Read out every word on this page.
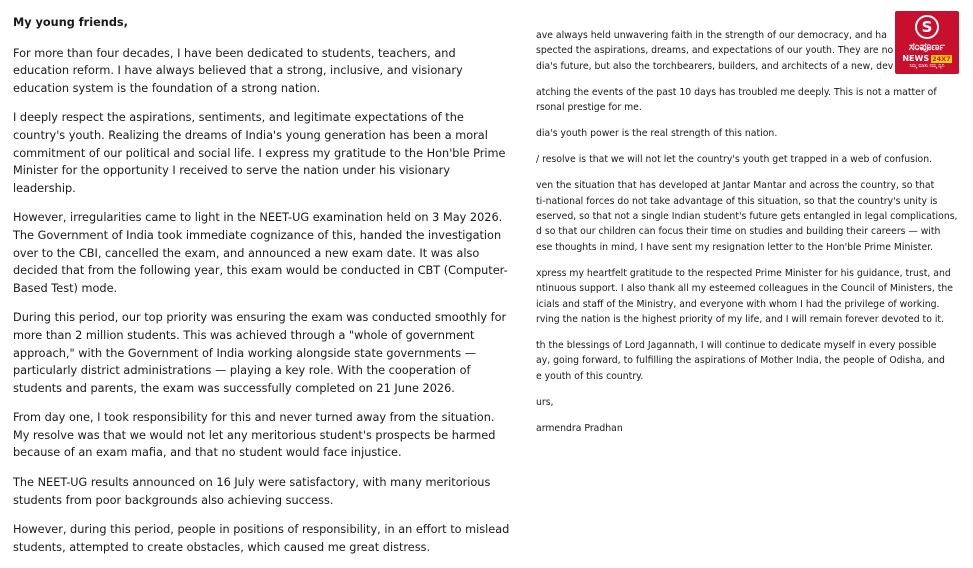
My young friends,

For more than four decades, I have been dedicated to students, teachers, and education reform. I have always believed that a strong, inclusive, and visionary education system is the foundation of a strong nation.

I deeply respect the aspirations, sentiments, and legitimate expectations of the country's youth. Realizing the dreams of India's young generation has been a moral commitment of our political and social life. I express my gratitude to the Hon'ble Prime Minister for the opportunity I received to serve the nation under his visionary leadership.

However, irregularities came to light in the NEET-UG examination held on 3 May 2026. The Government of India took immediate cognizance of this, handed the investigation over to the CBI, cancelled the exam, and announced a new exam date. It was also decided that from the following year, this exam would be conducted in CBT (Computer-Based Test) mode.

During this period, our top priority was ensuring the exam was conducted smoothly for more than 2 million students. This was achieved through a "whole of government approach," with the Government of India working alongside state governments — particularly district administrations — playing a key role. With the cooperation of students and parents, the exam was successfully completed on 21 June 2026.

From day one, I took responsibility for this and never turned away from the situation. My resolve was that we would not let any meritorious student's prospects be harmed because of an exam mafia, and that no student would face injustice.

The NEET-UG results announced on 16 July were satisfactory, with many meritorious students from poor backgrounds also achieving success.

However, during this period, people in positions of responsibility, in an effort to mislead students, attempted to create obstacles, which caused me great distress.

ave always held unwavering faith in the strength of our democracy, and ha
spected the aspirations, dreams, and expectations of our youth. They are no
dia's future, but also the torchbearers, builders, and architects of a new, dev

atching the events of the past 10 days has troubled me deeply. This is not a matter of
rsonal prestige for me.

dia's youth power is the real strength of this nation.

/ resolve is that we will not let the country's youth get trapped in a web of confusion.

ven the situation that has developed at Jantar Mantar and across the country, so that
ti-national forces do not take advantage of this situation, so that the country's unity is
eserved, so that not a single Indian student's future gets entangled in legal complications,
d so that our children can focus their time on studies and building their careers — with
ese thoughts in mind, I have sent my resignation letter to the Hon'ble Prime Minister.

xpress my heartfelt gratitude to the respected Prime Minister for his guidance, trust, and
ntinuous support. I also thank all my esteemed colleagues in the Council of Ministers, the
icials and staff of the Ministry, and everyone with whom I had the privilege of working.
rving the nation is the highest priority of my life, and I will remain forever devoted to it.

th the blessings of Lord Jagannath, I will continue to dedicate myself in every possible
ay, going forward, to fulfilling the aspirations of Mother India, the people of Odisha, and
e youth of this country.

urs,

armendra Pradhan

S
ಸಂಪೂರ್ಣ
NEWS 24X7
ನಿಮ್ಮ ಮಾತು ನಮ್ಮ ಧ್ವನಿ
